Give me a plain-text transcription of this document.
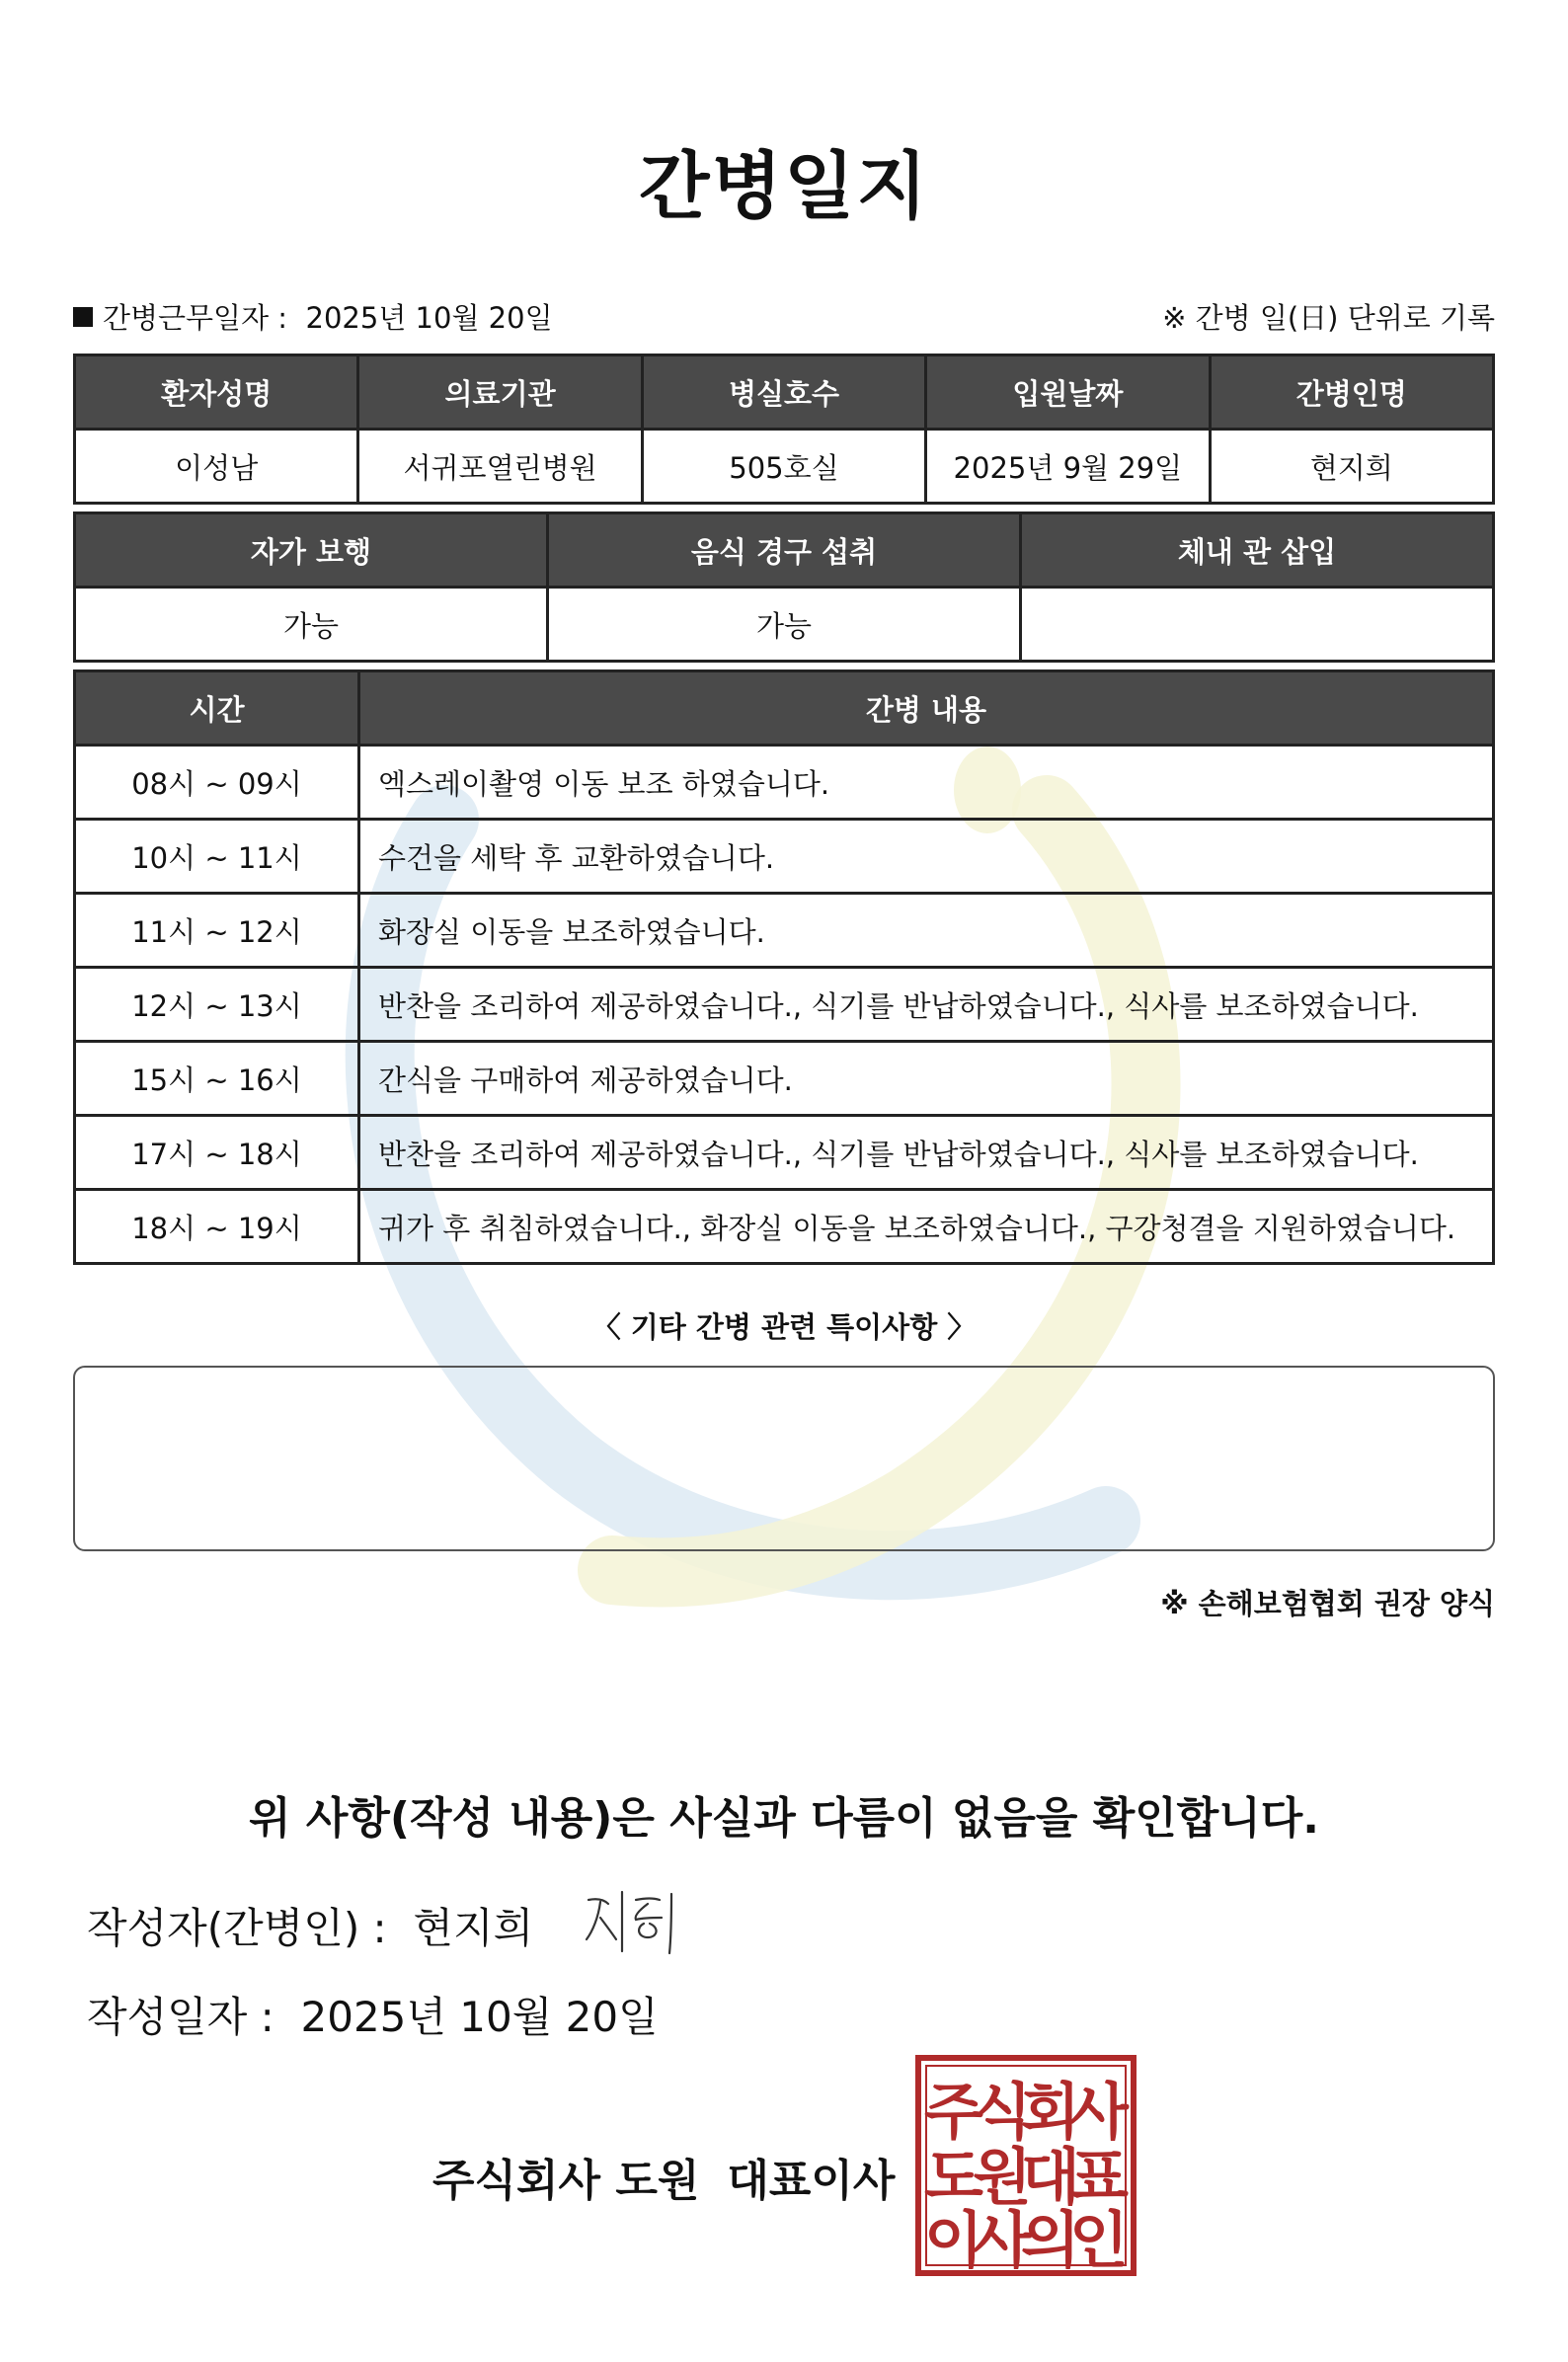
간병일지
간병근무일자 : 2025년 10월 20일	※ 간병 일(日) 단위로 기록
환자성명	의료기관	병실호수	입원날짜	간병인명
이성남	서귀포열린병원	505호실	2025년 9월 29일	현지희
자가 보행	음식 경구 섭취	체내 관 삽입
가능	가능	
시간	간병 내용
08시 ~ 09시	엑스레이촬영 이동 보조 하였습니다.
10시 ~ 11시	수건을 세탁 후 교환하였습니다.
11시 ~ 12시	화장실 이동을 보조하였습니다.
12시 ~ 13시	반찬을 조리하여 제공하였습니다., 식기를 반납하였습니다., 식사를 보조하였습니다.
15시 ~ 16시	간식을 구매하여 제공하였습니다.
17시 ~ 18시	반찬을 조리하여 제공하였습니다., 식기를 반납하였습니다., 식사를 보조하였습니다.
18시 ~ 19시	귀가 후 취침하였습니다., 화장실 이동을 보조하였습니다., 구강청결을 지원하였습니다.
〈 기타 간병 관련 특이사항 〉
※ 손해보험협회 권장 양식
위 사항(작성 내용)은 사실과 다름이 없음을 확인합니다.
작성자(간병인) : 현지희
작성일자 : 2025년 10월 20일
주식회사 도원 대표이사
주
식
회
사
도
원
대
표
이
사
의
인
